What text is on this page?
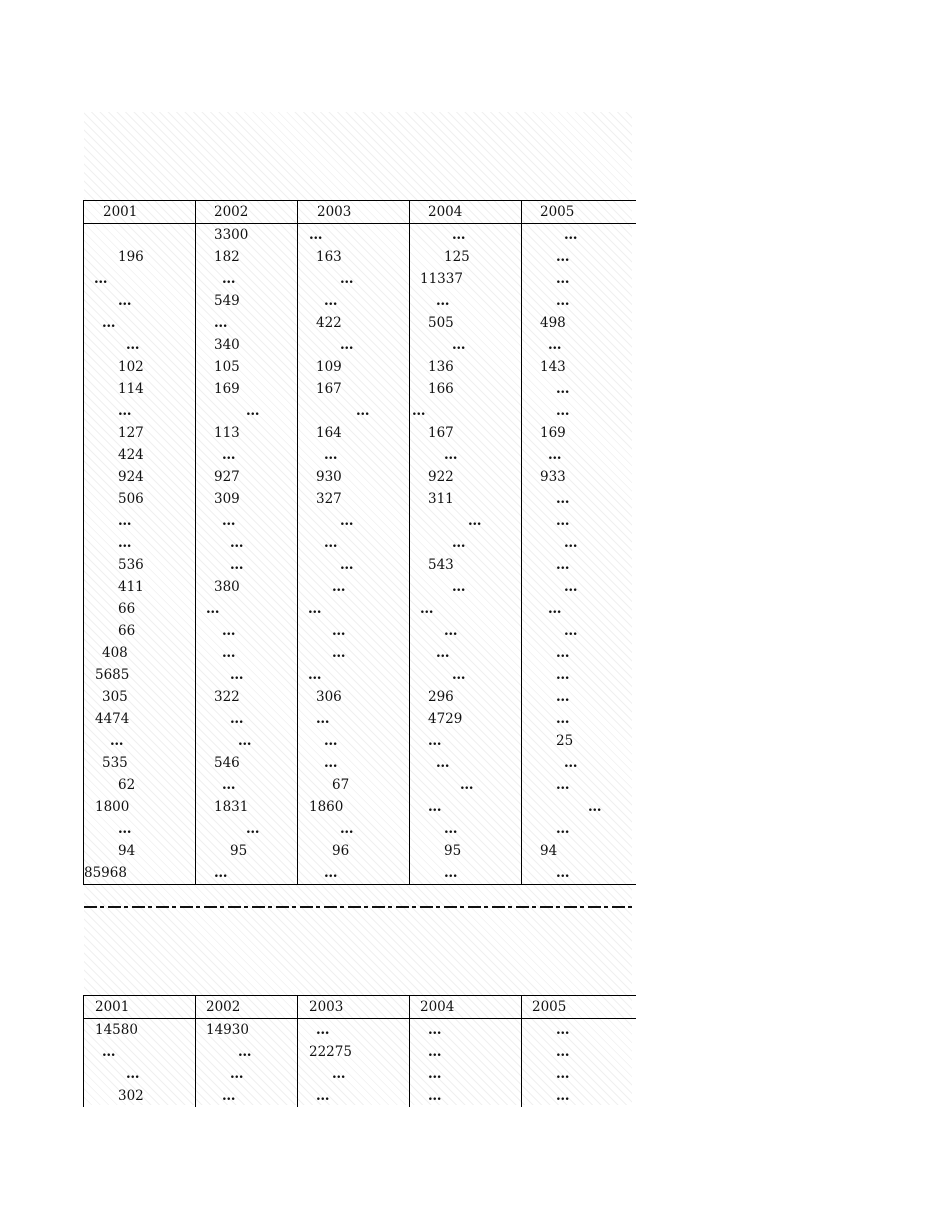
2001	2002	2003	2004	2005
	3300	…	…	…
196	182	163	125	…
…	…	…	11337	…
…	549	…	…	…
…	…	422	505	498
…	340	…	…	…
102	105	109	136	143
114	169	167	166	…
…	…	…	…	…
127	113	164	167	169
424	…	…	…	…
924	927	930	922	933
506	309	327	311	…
…	…	…	…	…
…	…	…	…	…
536	…	…	543	…
411	380	…	…	…
66	…	…	…	…
66	…	…	…	…
408	…	…	…	…
5685	…	…	…	…
305	322	306	296	…
4474	…	…	4729	…
…	…	…	…	25
535	546	…	…	…
62	…	67	…	…
1800	1831	1860	…	…
…	…	…	…	…
94	95	96	95	94
85968	…	…	…	…
2001	2002	2003	2004	2005
14580	14930	…	…	…
…	…	22275	…	…
…	…	…	…	…
302	…	…	…	…
